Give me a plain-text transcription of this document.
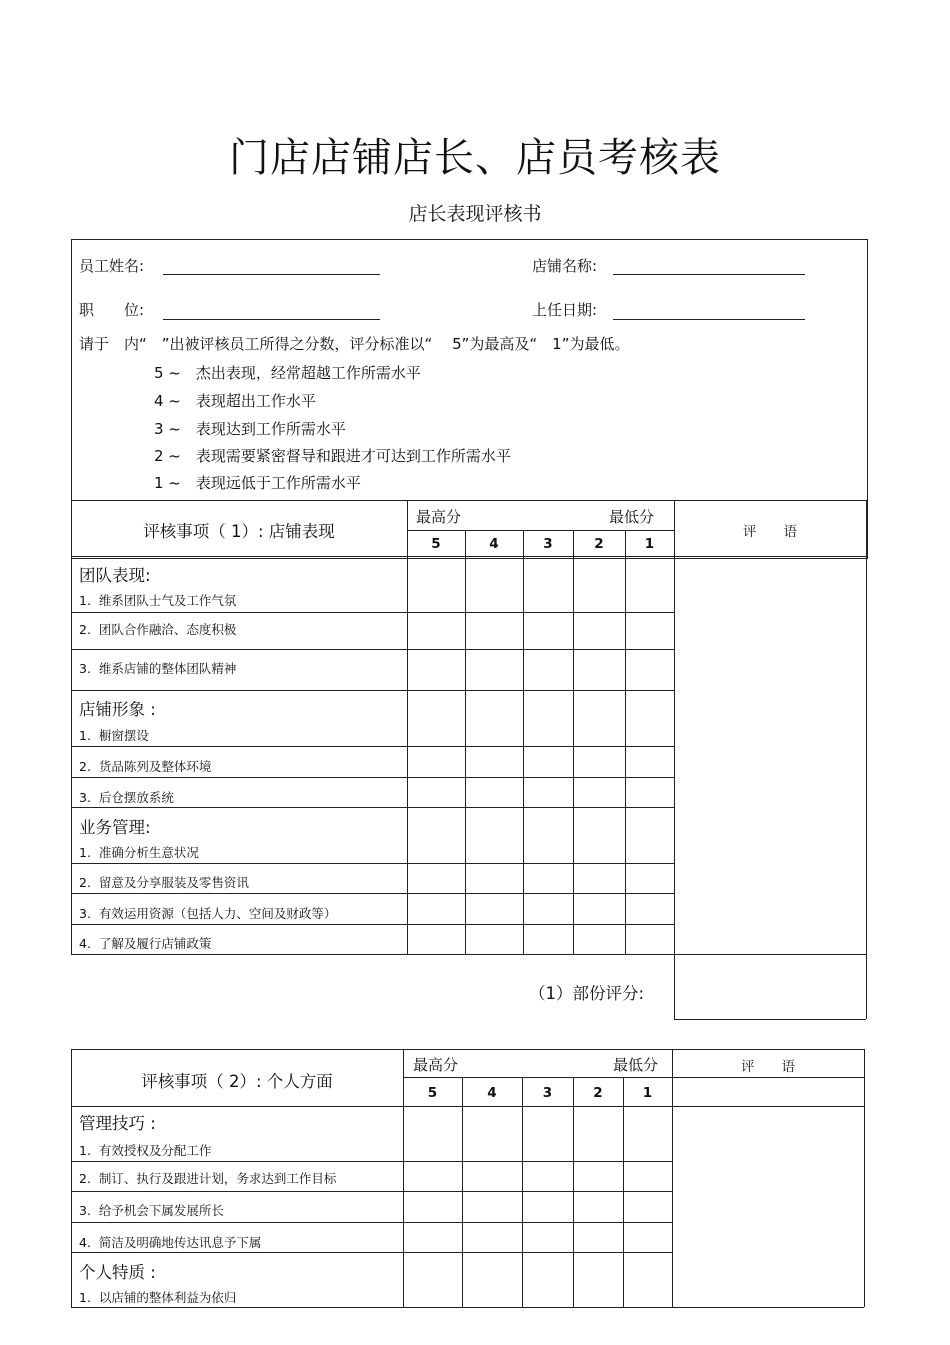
门店店铺店长、店员考核表
店长表现评核书
员工姓名:	店铺名称:
职　　位:	上任日期:
请于　内“　”出被评核员工所得之分数，评分标准以“　 5”为最高及“　1”为最低。
5 ~　杰出表现，经常超越工作所需水平
4 ~　表现超出工作水平
3 ~　表现达到工作所需水平
2 ~　表现需要紧密督导和跟进才可达到工作所需水平
1 ~　表现远低于工作所需水平
评核事项（ 1）: 店铺表现
最高分	最低分
评　　语
5	4	3	2	1
团队表现:
1.  维系团队士气及工作气氛
2.  团队合作融洽、态度积极
3.  维系店铺的整体团队精神
店铺形象 :
1.  橱窗摆设
2.  货品陈列及整体环境
3.  后仓摆放系统
业务管理:
1.  准确分析生意状况
2.  留意及分享服装及零售资讯
3.  有效运用资源（包括人力、空间及财政等）
4.  了解及履行店铺政策
（1）部份评分:
评核事项（ 2）: 个人方面
最高分	最低分	评　　语
5	4	3	2	1
管理技巧 :
1.  有效授权及分配工作
2.  制订、执行及跟进计划，务求达到工作目标
3.  给予机会下属发展所长
4.  简洁及明确地传达讯息予下属
个人特质 :
1.  以店铺的整体利益为依归
